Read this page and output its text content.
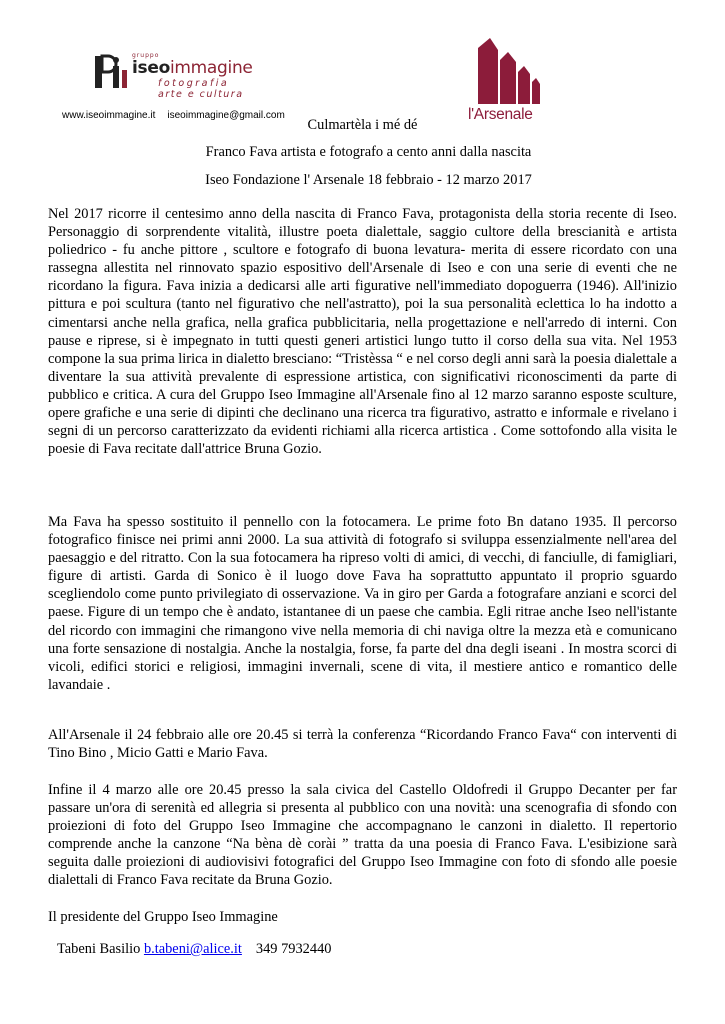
gruppo
iseoimmagine
fotografia
arte e cultura
www.iseoimmagine.it iseoimmagine@gmail.com	l'Arsenale
Culmartèla i mé dé
Franco Fava artista e fotografo a cento anni dalla nascita
Iseo Fondazione l' Arsenale 18 febbraio - 12 marzo 2017

Nel 2017 ricorre il centesimo anno della nascita di Franco Fava, protagonista della storia recente di Iseo. Personaggio di sorprendente vitalità, illustre poeta dialettale, saggio cultore della brescianità e artista poliedrico - fu anche pittore , scultore e fotografo di buona levatura- merita di essere ricordato con una rassegna allestita nel rinnovato spazio espositivo dell'Arsenale di Iseo e con una serie di eventi che ne ricordano la figura. Fava inizia a dedicarsi alle arti figurative nell'immediato dopoguerra (1946). All'inizio pittura e poi scultura (tanto nel figurativo che nell'astratto), poi la sua personalità eclettica lo ha indotto a cimentarsi anche nella grafica, nella grafica pubblicitaria, nella progettazione e nell'arredo di interni. Con pause e riprese, si è impegnato in tutti questi generi artistici lungo tutto il corso della sua vita. Nel 1953 compone la sua prima lirica in dialetto bresciano: “Tristèssa “ e nel corso degli anni sarà la poesia dialettale a diventare la sua attività prevalente di espressione artistica, con significativi riconoscimenti da parte di pubblico e critica. A cura del Gruppo Iseo Immagine all'Arsenale fino al 12 marzo saranno esposte sculture, opere grafiche e una serie di dipinti che declinano una ricerca tra figurativo, astratto e informale e rivelano i segni di un percorso caratterizzato da evidenti richiami alla ricerca artistica . Come sottofondo alla visita le poesie di Fava recitate dall'attrice Bruna Gozio.

Ma Fava ha spesso sostituito il pennello con la fotocamera. Le prime foto Bn datano 1935. Il percorso fotografico finisce nei primi anni 2000. La sua attività di fotografo si sviluppa essenzialmente nell'area del paesaggio e del ritratto. Con la sua fotocamera ha ripreso volti di amici, di vecchi, di fanciulle, di famigliari, figure di artisti. Garda di Sonico è il luogo dove Fava ha soprattutto appuntato il proprio sguardo scegliendolo come punto privilegiato di osservazione. Va in giro per Garda a fotografare anziani e scorci del paese. Figure di un tempo che è andato, istantanee di un paese che cambia. Egli ritrae anche Iseo nell'istante del ricordo con immagini che rimangono vive nella memoria di chi naviga oltre la mezza età e comunicano una forte sensazione di nostalgia. Anche la nostalgia, forse, fa parte del dna degli iseani . In mostra scorci di vicoli, edifici storici e religiosi, immagini invernali, scene di vita, il mestiere antico e romantico delle lavandaie .

All'Arsenale il 24 febbraio alle ore 20.45 si terrà la conferenza “Ricordando Franco Fava“ con interventi di Tino Bino , Micio Gatti e Mario Fava.

Infine il 4 marzo alle ore 20.45 presso la sala civica del Castello Oldofredi il Gruppo Decanter per far passare un'ora di serenità ed allegria si presenta al pubblico con una novità: una scenografia di sfondo con proiezioni di foto del Gruppo Iseo Immagine che accompagnano le canzoni in dialetto. Il repertorio comprende anche la canzone “Na bèna dè corài ” tratta da una poesia di Franco Fava. L'esibizione sarà seguita dalle proiezioni di audiovisivi fotografici del Gruppo Iseo Immagine con foto di sfondo alle poesie dialettali di Franco Fava recitate da Bruna Gozio.

Il presidente del Gruppo Iseo Immagine

Tabeni Basilio b.tabeni@alice.it 349 7932440
